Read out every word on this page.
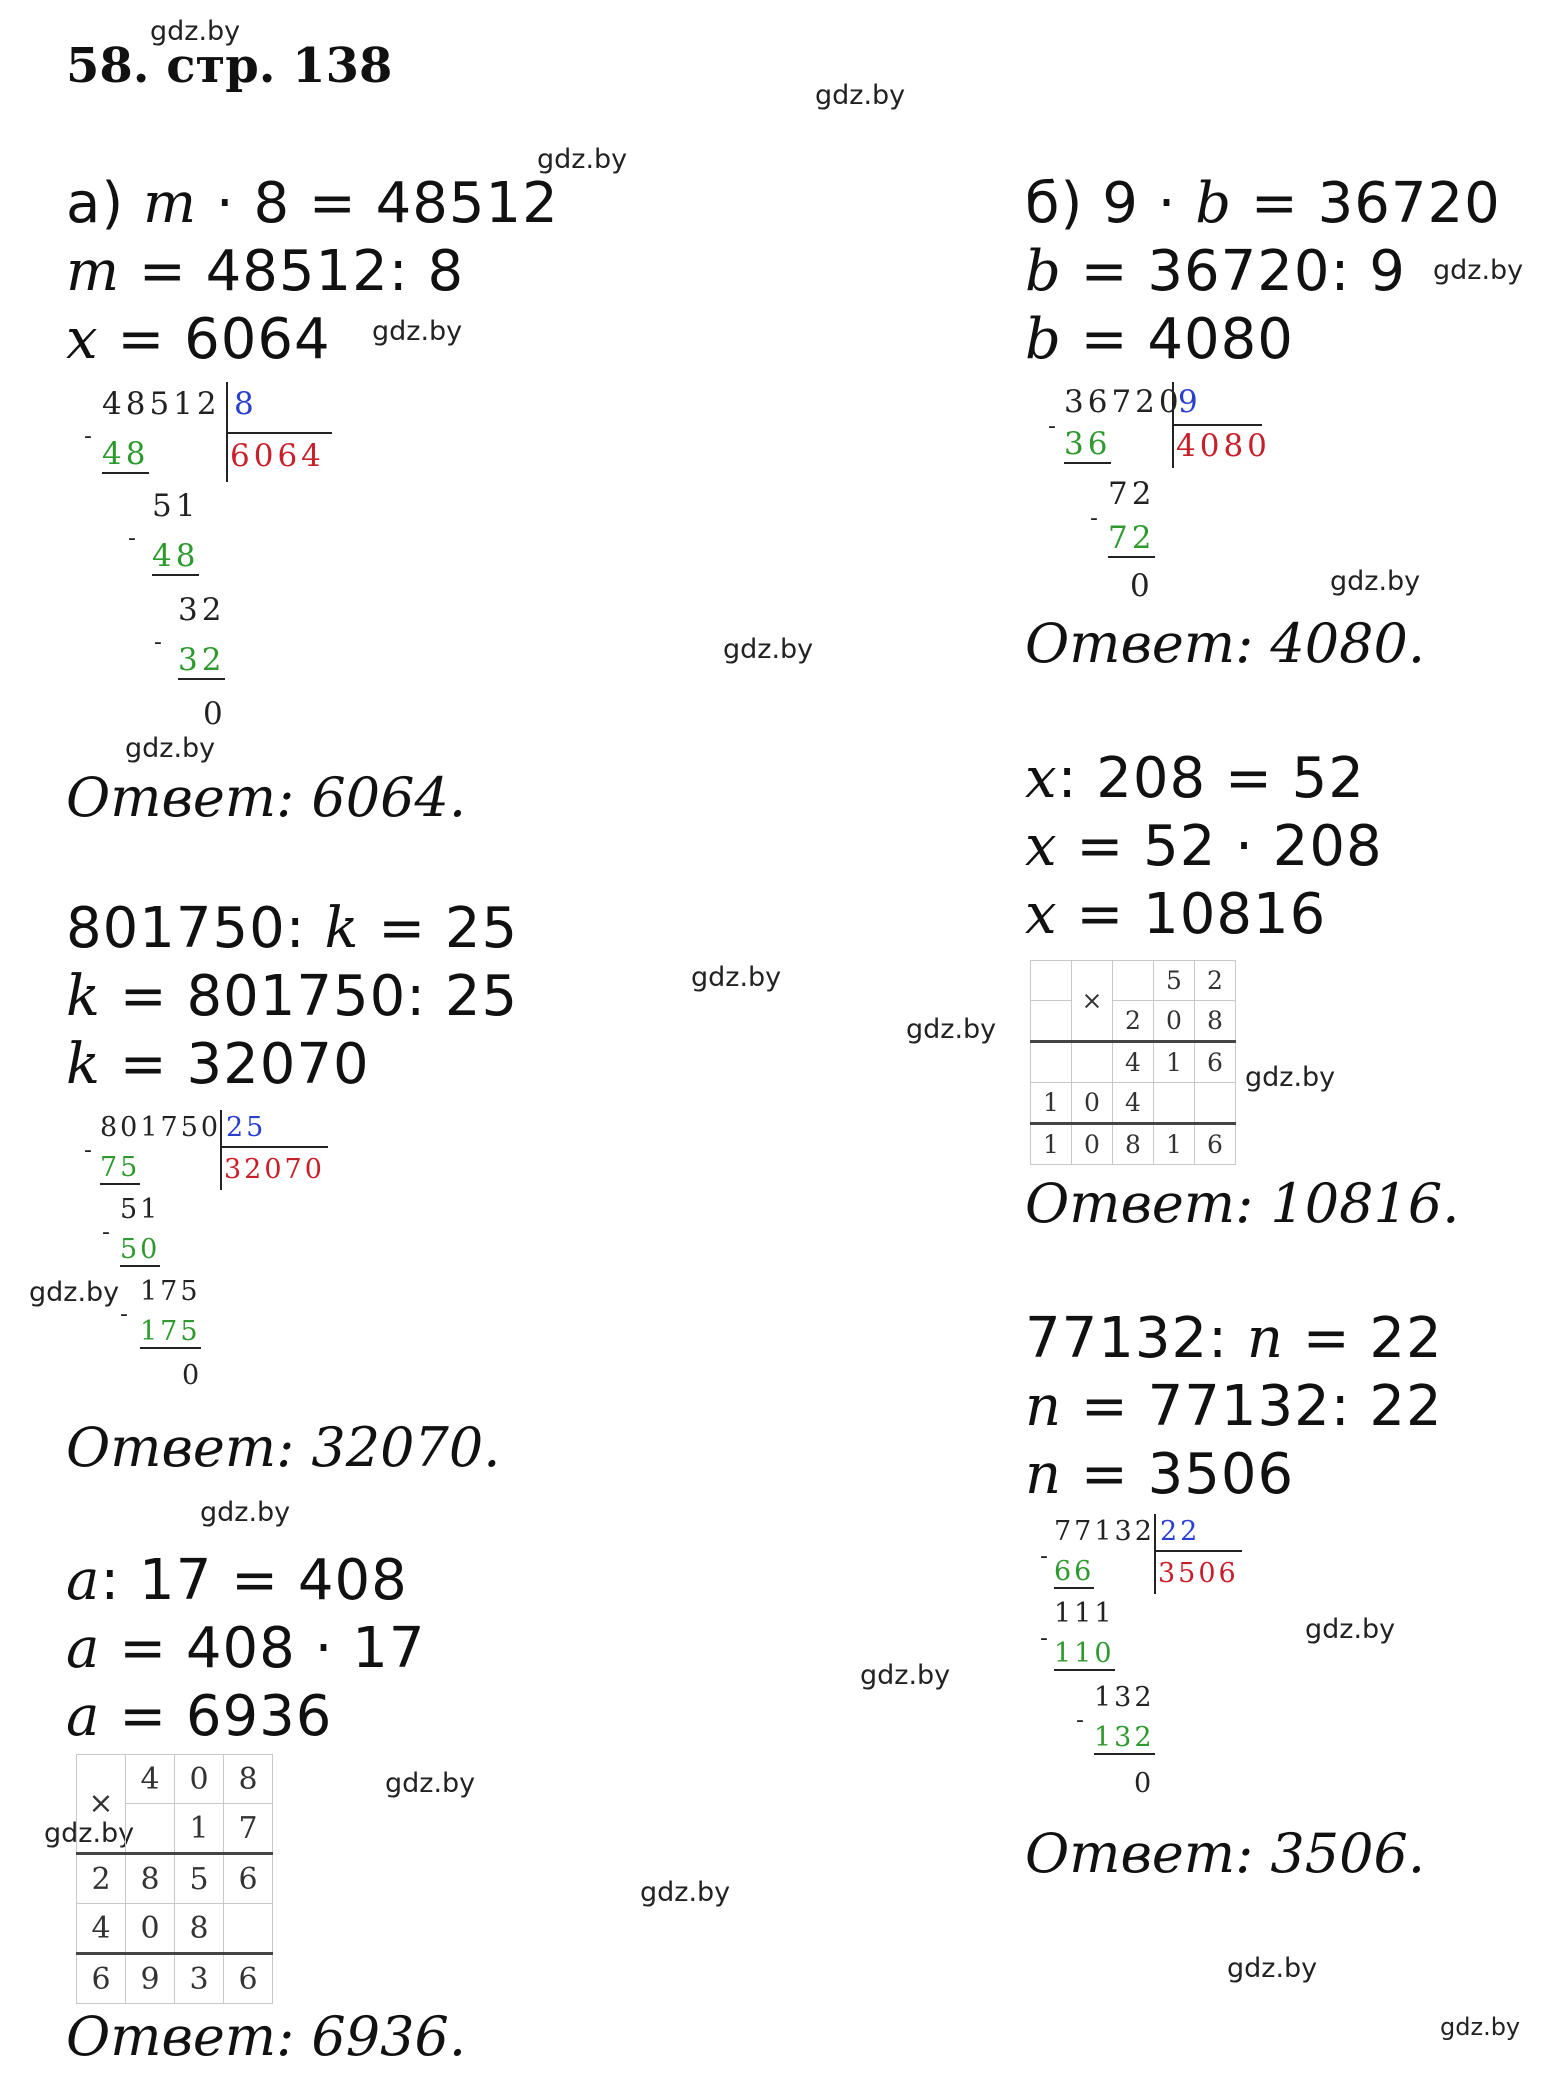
58. стр. 138
gdz.by
gdz.by
gdz.by
gdz.by
gdz.by
gdz.by
gdz.by
gdz.by
gdz.by
gdz.by
gdz.by
gdz.by
gdz.by
gdz.by
gdz.by
gdz.by
gdz.by
gdz.by
gdz.by
gdz.by
а) m · 8 = 48512
m = 48512: 8
x = 6064
48512 8
6064
- 48
51
- 48
32
- 32
0
Ответ: 6064.
б) 9 · b = 36720
b = 36720: 9
b = 4080
36720
9
4080
- 36
72
-
72
0
Ответ: 4080.
801750: k = 25
k = 801750: 25
k = 32070
801750 25
32070
-
75
51
-
50
175
-
175
0
Ответ: 32070.
x: 208 = 52
x = 52 · 208
x = 10816
	×		5	2
		2	0	8
		4	1	6
1	0	4		
1	0	8	1	6
Ответ: 10816.
a: 17 = 408
a = 408 · 17
a = 6936
×	4	0	8
		1	7
2	8	5	6
4	0	8	
6	9	3	6
Ответ: 6936.
77132: n = 22
n = 77132: 22
n = 3506
77132 22
3506
- 66
111
- 110
132
-
132
0
Ответ: 3506.
